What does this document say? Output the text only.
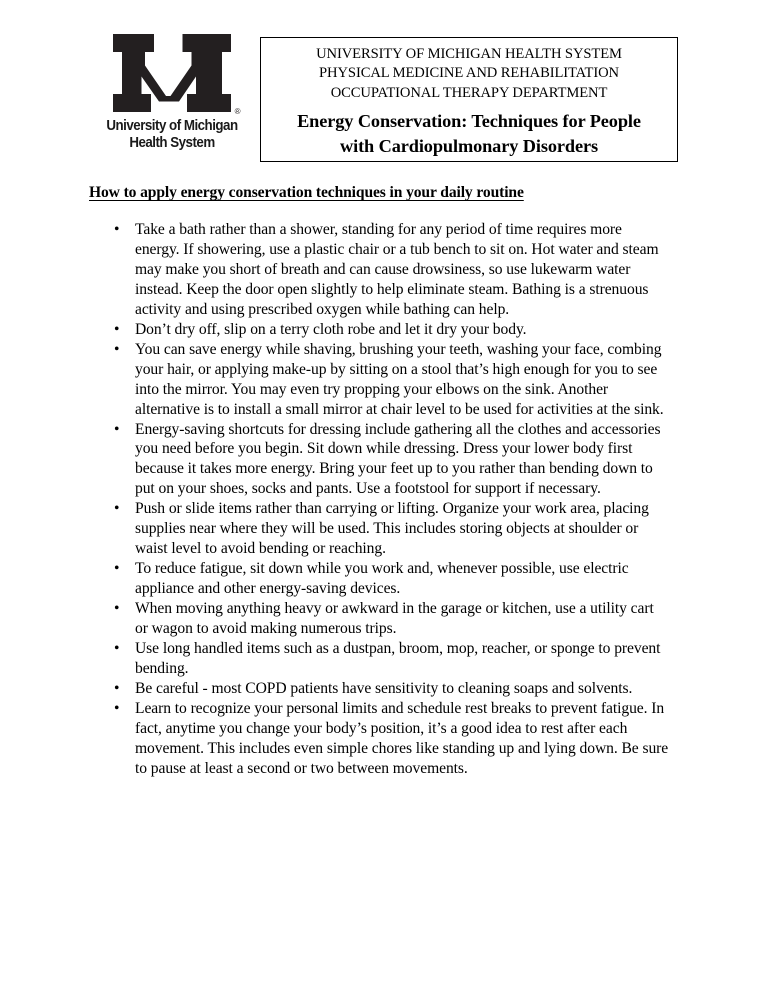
®
University of Michigan
Health System
UNIVERSITY OF MICHIGAN HEALTH SYSTEM
PHYSICAL MEDICINE AND REHABILITATION
OCCUPATIONAL THERAPY DEPARTMENT
Energy Conservation: Techniques for People
with Cardiopulmonary Disorders
How to apply energy conservation techniques in your daily routine
• Take a bath rather than a shower, standing for any period of time requires more energy. If showering, use a plastic chair or a tub bench to sit on. Hot water and steam may make you short of breath and can cause drowsiness, so use lukewarm water instead. Keep the door open slightly to help eliminate steam. Bathing is a strenuous activity and using prescribed oxygen while bathing can help.
• Don’t dry off, slip on a terry cloth robe and let it dry your body.
• You can save energy while shaving, brushing your teeth, washing your face, combing your hair, or applying make-up by sitting on a stool that’s high enough for you to see into the mirror. You may even try propping your elbows on the sink. Another alternative is to install a small mirror at chair level to be used for activities at the sink.
• Energy-saving shortcuts for dressing include gathering all the clothes and accessories you need before you begin. Sit down while dressing. Dress your lower body first because it takes more energy. Bring your feet up to you rather than bending down to put on your shoes, socks and pants. Use a footstool for support if necessary.
• Push or slide items rather than carrying or lifting. Organize your work area, placing supplies near where they will be used. This includes storing objects at shoulder or waist level to avoid bending or reaching.
• To reduce fatigue, sit down while you work and, whenever possible, use electric appliance and other energy-saving devices.
• When moving anything heavy or awkward in the garage or kitchen, use a utility cart or wagon to avoid making numerous trips.
• Use long handled items such as a dustpan, broom, mop, reacher, or sponge to prevent bending.
• Be careful - most COPD patients have sensitivity to cleaning soaps and solvents.
• Learn to recognize your personal limits and schedule rest breaks to prevent fatigue. In fact, anytime you change your body’s position, it’s a good idea to rest after each movement. This includes even simple chores like standing up and lying down. Be sure to pause at least a second or two between movements.
